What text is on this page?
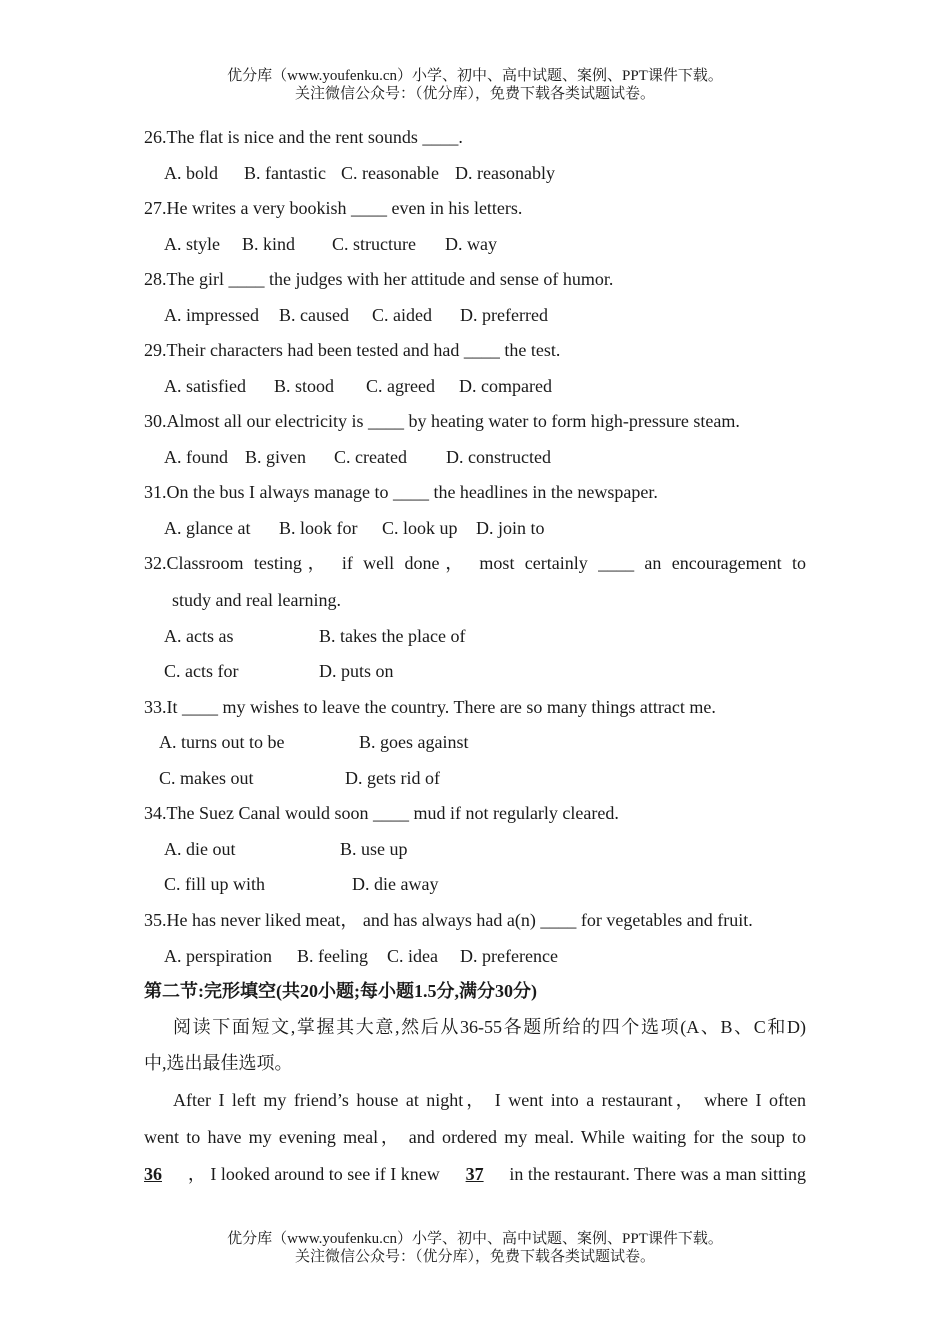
优分库（www.youfenku.cn）小学、初中、高中试题、案例、PPT课件下载。
关注微信公众号：（优分库），免费下载各类试题试卷。
26.The flat is nice and the rent sounds ____.
A. bold B. fantastic C. reasonable D. reasonably
27.He writes a very bookish ____ even in his letters.
A. style B. kind C. structure D. way
28.The girl ____ the judges with her attitude and sense of humor.
A. impressed B. caused C. aided D. preferred
29.Their characters had been tested and had ____ the test.
A. satisfied B. stood C. agreed D. compared
30.Almost all our electricity is ____ by heating water to form high-pressure steam.
A. found B. given C. created D. constructed
31.On the bus I always manage to ____ the headlines in the newspaper.
A. glance at B. look for C. look up D. join to
32.Classroom testing， if well done， most certainly ____ an encouragement to
study and real learning.
A. acts as	B. takes the place of
C. acts for	D. puts on
33.It ____ my wishes to leave the country. There are so many things attract me.
A. turns out to be	B. goes against
C. makes out	D. gets rid of
34.The Suez Canal would soon ____ mud if not regularly cleared.
A. die out	B. use up
C. fill up with	D. die away
35.He has never liked meat， and has always had a(n) ____ for vegetables and fruit.
A. perspiration B. feeling C. idea D. preference
第二节:完形填空(共20小题;每小题1.5分,满分30分)
阅读下面短文,掌握其大意,然后从36-55各题所给的四个选项(A、B、C和D)
中,选出最佳选项。
After I left my friend’s house at night， I went into a restaurant， where I often
went to have my evening meal， and ordered my meal. While waiting for the soup to
36 ， I looked around to see if I knew 37 in the restaurant. There was a man sitting
优分库（www.youfenku.cn）小学、初中、高中试题、案例、PPT课件下载。
关注微信公众号：（优分库），免费下载各类试题试卷。
